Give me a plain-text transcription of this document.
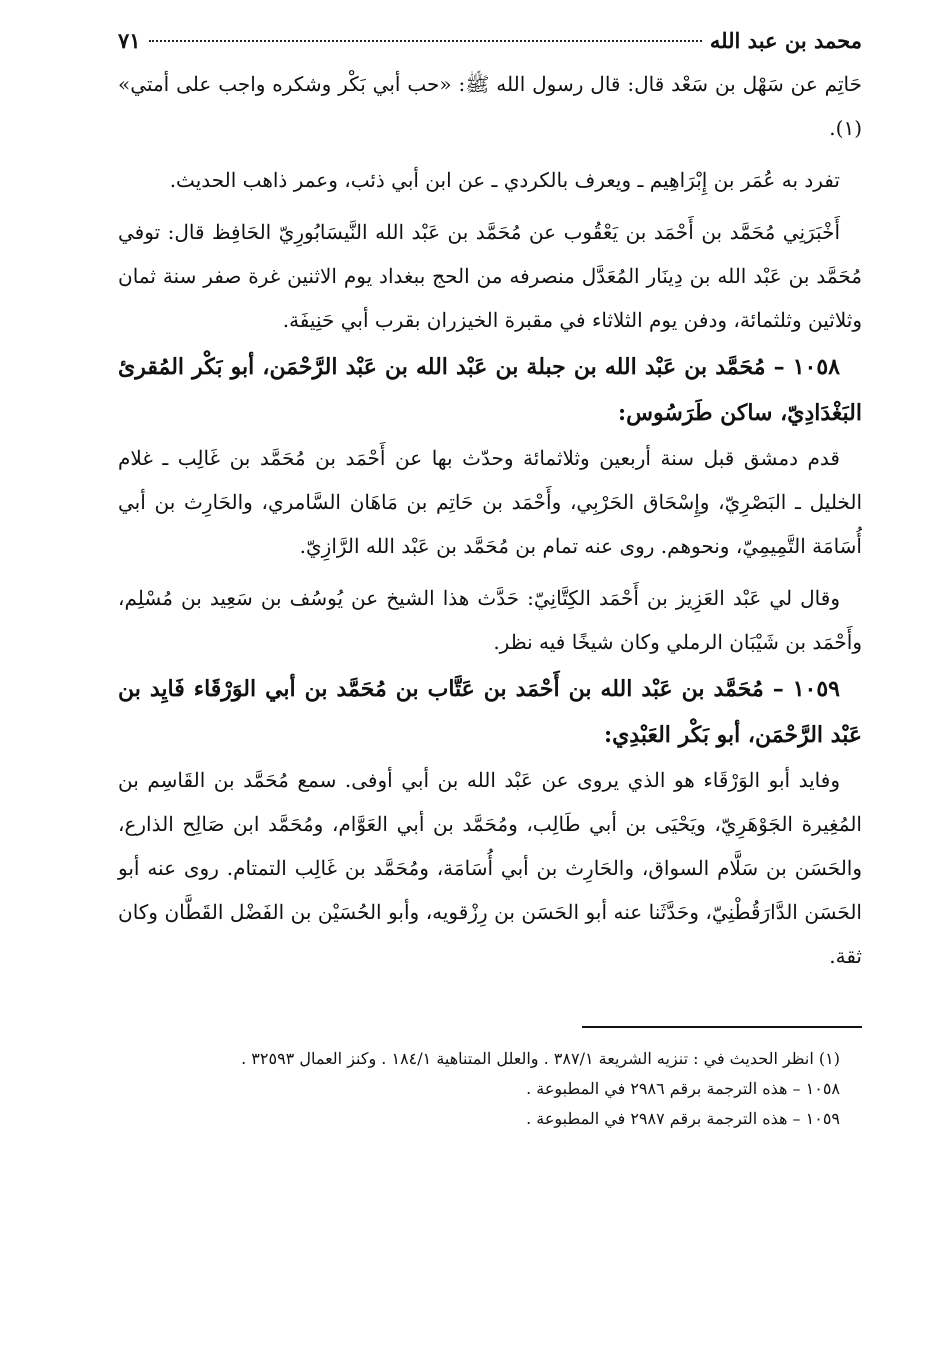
محمد بن عبد الله
٧١

حَاتِم عن سَهْل بن سَعْد قال: قال رسول الله ﷺ: «حب أبي بَكْر وشكره واجب على أمتي» (١).

تفرد به عُمَر بن إِبْرَاهِيم ـ ويعرف بالكردي ـ عن ابن أبي ذئب، وعمر ذاهب الحديث.

أَخْبَرَنِي مُحَمَّد بن أَحْمَد بن يَعْقُوب عن مُحَمَّد بن عَبْد الله النَّيسَابُورِيّ الحَافِظ قال: توفي مُحَمَّد بن عَبْد الله بن دِينَار المُعَدَّل منصرفه من الحج ببغداد يوم الاثنين غرة صفر سنة ثمان وثلاثين وثلثمائة، ودفن يوم الثلاثاء في مقبرة الخيزران بقرب أبي حَنِيفَة.

١٠٥٨ – مُحَمَّد بن عَبْد الله بن جبلة بن عَبْد الله بن عَبْد الرَّحْمَن، أبو بَكْر المُقرئ البَغْدَادِيّ، ساكن طَرَسُوس:

قدم دمشق قبل سنة أربعين وثلاثمائة وحدّث بها عن أَحْمَد بن مُحَمَّد بن غَالِب ـ غلام الخليل ـ البَصْرِيّ، وإِسْحَاق الحَرْبِي، وأَحْمَد بن حَاتِم بن مَاهَان السَّامري، والحَارِث بن أبي أُسَامَة التَّمِيمِيّ، ونحوهم. روى عنه تمام بن مُحَمَّد بن عَبْد الله الرَّازِيّ.

وقال لي عَبْد العَزِيز بن أَحْمَد الكِتَّانِيّ: حَدَّث هذا الشيخ عن يُوسُف بن سَعِيد بن مُسْلِم، وأَحْمَد بن شَيْبَان الرملي وكان شيخًا فيه نظر.

١٠٥٩ – مُحَمَّد بن عَبْد الله بن أَحْمَد بن عَتَّاب بن مُحَمَّد بن أبي الوَرْقَاء فَايِد بن عَبْد الرَّحْمَن، أبو بَكْر العَبْدِي:

وفايد أبو الوَرْقَاء هو الذي يروى عن عَبْد الله بن أبي أوفى. سمع مُحَمَّد بن القَاسِم بن المُغِيرة الجَوْهَرِيّ، ويَحْيَى بن أبي طَالِب، ومُحَمَّد بن أبي العَوَّام، ومُحَمَّد ابن صَالِح الذارع، والحَسَن بن سَلَّام السواق، والحَارِث بن أبي أُسَامَة، ومُحَمَّد بن غَالِب التمتام. روى عنه أبو الحَسَن الدَّارَقُطْنِيّ، وحَدَّثَنا عنه أبو الحَسَن بن رِزْقويه، وأبو الحُسَيْن بن الفَضْل القَطَّان وكان ثقة.

(١) انظر الحديث في : تنزيه الشريعة ٣٨٧/١ . والعلل المتناهية ١٨٤/١ . وكنز العمال ٣٢٥٩٣ .

١٠٥٨ – هذه الترجمة برقم ٢٩٨٦ في المطبوعة .

١٠٥٩ – هذه الترجمة برقم ٢٩٨٧ في المطبوعة .
